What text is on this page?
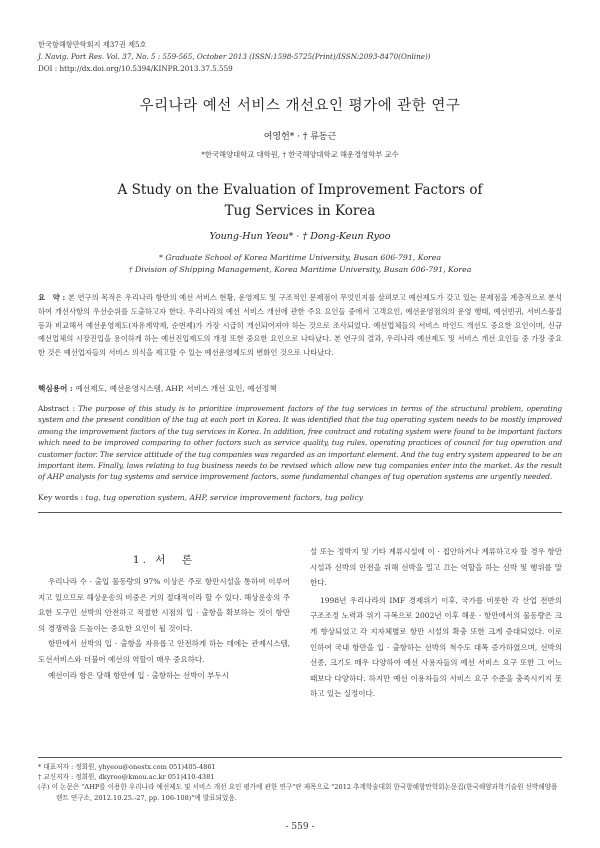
한국항해항만학회지 제37권 제5호
J. Navig. Port Res. Vol. 37, No. 5 : 559-565, October 2013 (ISSN:1598-5725(Print)/ISSN:2093-8470(Online))
DOI : http://dx.doi.org/10.5394/KINPR.2013.37.5.559
우리나라 예선 서비스 개선요인 평가에 관한 연구
여영헌* · † 류동근
*한국해양대학교 대학원, † 한국해양대학교 해운경영학부 교수
A Study on the Evaluation of Improvement Factors of
Tug Services in Korea
Young-Hun Yeou* · † Dong-Keun Ryoo
* Graduate School of Korea Maritime University, Busan 606-791, Korea
† Division of Shipping Management, Korea Maritime University, Busan 606-791, Korea
요　약 : 본 연구의 목적은 우리나라 항만의 예선 서비스 현황, 운영제도 및 구조적인 문제점이 무엇인지를 살펴보고 예선제도가 갖고 있는 문제점을 계층적으로 분석하여 개선사항의 우선순위를 도출하고자 한다. 우리나라의 예선 서비스 개선에 관한 주요 요인들 중에서 고객요인, 예선운영점의의 운영 행태, 예선빈귀, 서비스품질 등과 비교해서 예선운영제도(자유계약제, 순번제)가 가장 시급히 개선되어져야 하는 것으로 조사되었다. 예선업체들의 서비스 마인드 개선도 중요한 요인이며, 신규 예선업체의 시장진입을 용이하게 하는 예선진입제도의 개정 또한 중요한 요인으로 나타났다. 본 연구의 결과, 우리나라 예선제도 및 서비스 개선 요인들 중 가장 중요한 것은 예선업자들의 서비스 의식을 제고할 수 있는 예선운영제도의 변화인 것으로 나타났다.
핵심용어 : 예선제도, 예선운영시스템, AHP, 서비스 개선 요인, 예선정책
Abstract : The purpose of this study is to prioritize improvement factors of the tug services in terms of the structural problem, operating system and the present condition of the tug at each port in Korea. It was identified that the tug operating system needs to be mostly improved among the improvement factors of the tug services in Korea. In addition, free contract and rotating system were found to be important factors which need to be improved comparing to other factors such as service quality, tug rules, operating practices of council for tug operation and customer factor. The service attitude of the tug companies was regarded as an important element. And the tug entry system appeared to be an important item. Finally, laws relating to tug business needs to be revised which allow new tug companies enter into the market. As the result of AHP analysis for tug systems and service improvement factors, some fundamental changes of tug operation systems are urgently needed.
Key words : tug, tug operation system, AHP, service improvement factors, tug policy
1. 서　론
우리나라 수 · 출입 물동량의 97% 이상은 주로 항만시설을 통하여 이루어지고 있으므로 해상운송의 비중은 거의 절대적이라 할 수 있다. 해상운송의 주요한 도구인 선박의 안전하고 적절한 시점의 입 · 출항을 확보하는 것이 항만의 경쟁력을 드높이는 중요한 요인이 될 것이다.
항만에서 선박의 입 · 출항을 자유롭고 안전하게 하는 데에는 관제시스템, 도선서비스와 더불어 예선의 역할이 매우 중요하다.
예선이라 함은 당해 항만에 입 · 출항하는 선박이 부두시
설 또는 정박지 및 기타 계류시설에 이 · 접안하거나 계류하고자 할 경우 항만 시설과 선박의 안전을 위해 선박을 밀고 끄는 역할을 하는 선박 및 행위를 말한다.
1998년 우리나라의 IMF 경제위기 이후, 국가를 비롯한 각 산업 전반의 구조조정 노력과 위기 극복으로 2002년 이후 해운 · 항만에서의 물동량은 크게 향상되었고 각 지자체별로 항만 시설의 확충 또한 크게 증대되었다. 이로 인하여 국내 항만을 입 · 출항하는 선박의 척수도 대폭 증가하였으며, 선박의 선종, 크기도 매우 다양하여 예선 사용자들의 예선 서비스 요구 또한 그 어느 때보다 다양하다. 하지만 예선 이용자들의 서비스 요구 수준을 충족시키지 못하고 있는 실정이다.
* 대표저자 : 정회원, yhyeou@onestx.com 051)405-4861
† 교신저자 : 정회원, dkyroo@kmou.ac.kr 051)410-4381
(주) 이 논문은 "AHP를 이용한 우리나라 예선제도 및 서비스 개선 요인 평가에 관한 연구"란 제목으로 "2012 추계학술대회 한국항해항만학회논문집(한국해양과학기술원 선박해양플랜트 연구소, 2012.10.25.-27, pp. 106-108)"에 발표되었음.
- 559 -
